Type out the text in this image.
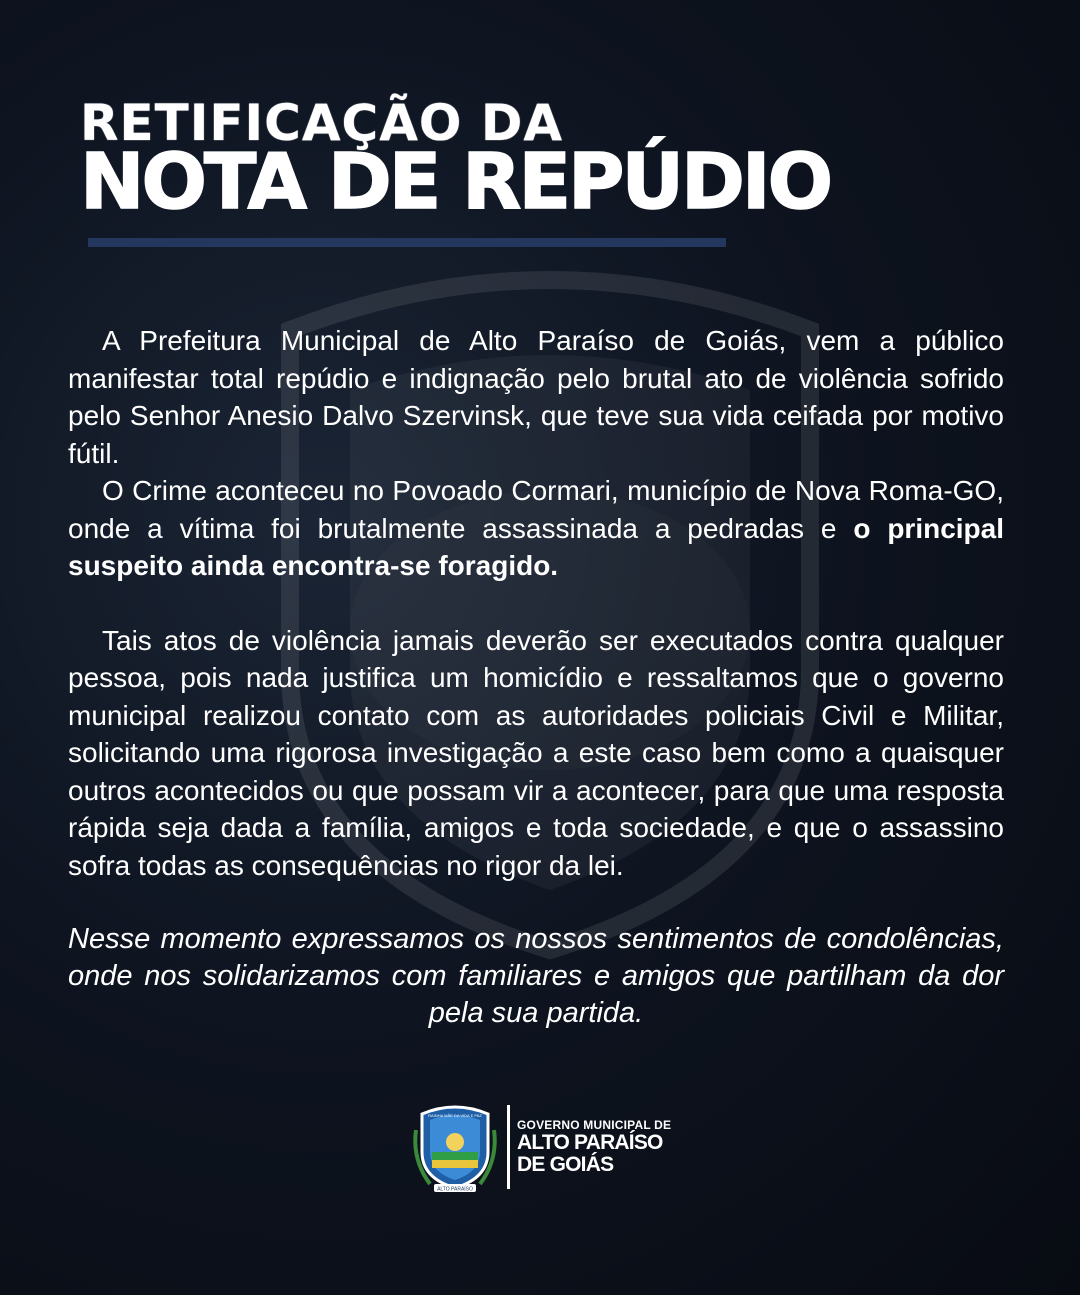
RETIFICAÇÃO DA
NOTA DE REPÚDIO

A Prefeitura Municipal de Alto Paraíso de Goiás, vem a público manifestar total repúdio e indignação pelo brutal ato de violência sofrido pelo Senhor Anesio Dalvo Szervinsk, que teve sua vida ceifada por motivo fútil.

O Crime aconteceu no Povoado Cormari, município de Nova Roma-GO, onde a vítima foi brutalmente assassinada a pedradas e o principal suspeito ainda encontra-se foragido.

Tais atos de violência jamais deverão ser executados contra qualquer pessoa, pois nada justifica um homicídio e ressaltamos que o governo municipal realizou contato com as autoridades policiais Civil e Militar, solicitando uma rigorosa investigação a este caso bem como a quaisquer outros acontecidos ou que possam vir a acontecer, para que uma resposta rápida seja dada a família, amigos e toda sociedade, e que o assassino sofra todas as consequências no rigor da lei.

Nesse momento expressamos os nossos sentimentos de condolências, onde nos solidarizamos com familiares e amigos que partilham da dor pela sua partida.
ALTO PARAÍSO
RAINHA MÃE DA VIDA E PAZ
GOVERNO MUNICIPAL DE
ALTO PARAÍSO
DE GOIÁS
